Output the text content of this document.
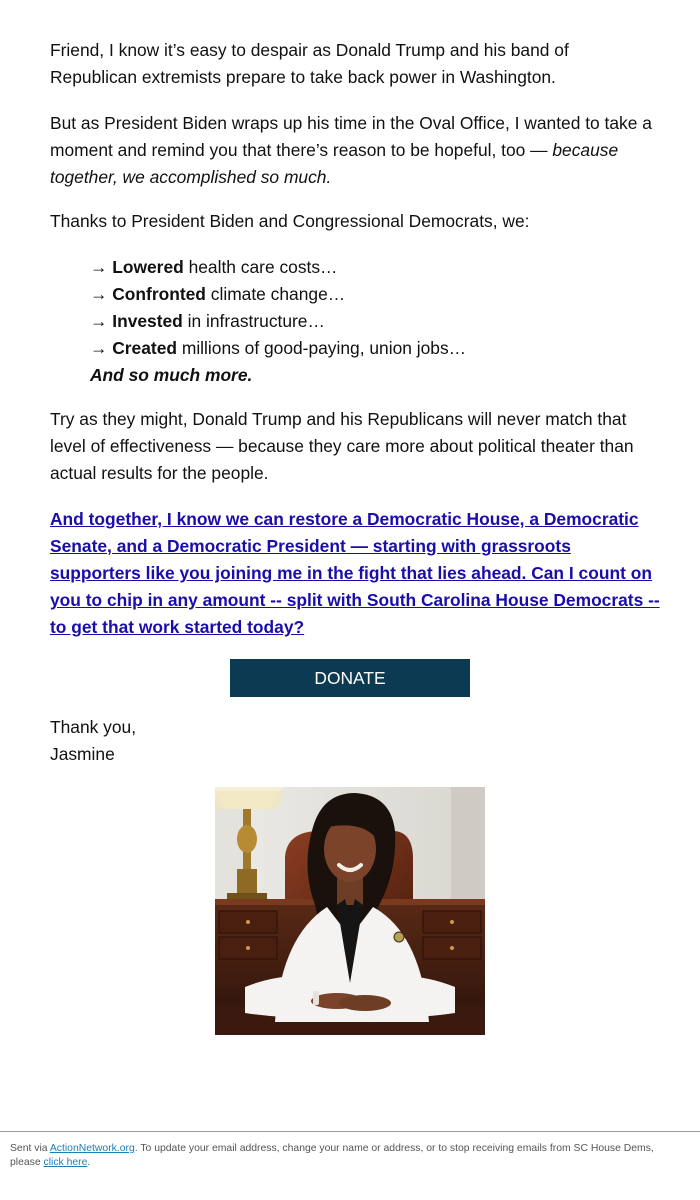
Friend, I know it’s easy to despair as Donald Trump and his band of Republican extremists prepare to take back power in Washington.

But as President Biden wraps up his time in the Oval Office, I wanted to take a moment and remind you that there’s reason to be hopeful, too — because together, we accomplished so much.

Thanks to President Biden and Congressional Democrats, we:

→ Lowered health care costs…
→ Confronted climate change…
→ Invested in infrastructure…
→ Created millions of good-paying, union jobs…
And so much more.

Try as they might, Donald Trump and his Republicans will never match that level of effectiveness — because they care more about political theater than actual results for the people.

And together, I know we can restore a Democratic House, a Democratic Senate, and a Democratic President — starting with grassroots supporters like you joining me in the fight that lies ahead. Can I count on you to chip in any amount -- split with South Carolina House Democrats -- to get that work started today?

DONATE

Thank you,
Jasmine

Sent via ActionNetwork.org. To update your email address, change your name or address, or to stop receiving emails from SC House Dems, please click here.
